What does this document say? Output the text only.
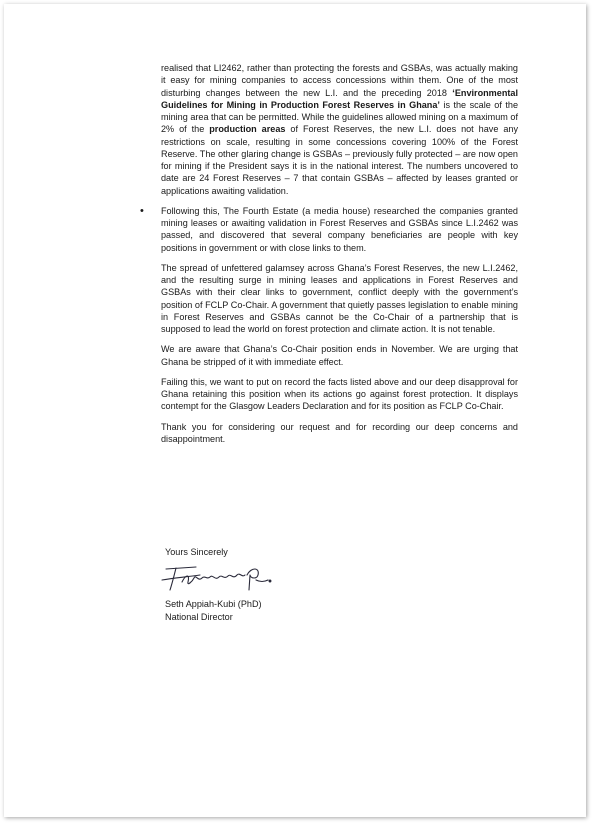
realised that LI2462, rather than protecting the forests and GSBAs, was actually making it easy for mining companies to access concessions within them. One of the most disturbing changes between the new L.I. and the preceding 2018 ‘Environmental Guidelines for Mining in Production Forest Reserves in Ghana’ is the scale of the mining area that can be permitted. While the guidelines allowed mining on a maximum of 2% of the production areas of Forest Reserves, the new L.I. does not have any restrictions on scale, resulting in some concessions covering 100% of the Forest Reserve. The other glaring change is GSBAs – previously fully protected – are now open for mining if the President says it is in the national interest. The numbers uncovered to date are 24 Forest Reserves – 7 that contain GSBAs – affected by leases granted or applications awaiting validation.

• Following this, The Fourth Estate (a media house) researched the companies granted mining leases or awaiting validation in Forest Reserves and GSBAs since L.I.2462 was passed, and discovered that several company beneficiaries are people with key positions in government or with close links to them.

The spread of unfettered galamsey across Ghana’s Forest Reserves, the new L.I.2462, and the resulting surge in mining leases and applications in Forest Reserves and GSBAs with their clear links to government, conflict deeply with the government’s position of FCLP Co-Chair. A government that quietly passes legislation to enable mining in Forest Reserves and GSBAs cannot be the Co-Chair of a partnership that is supposed to lead the world on forest protection and climate action. It is not tenable.

We are aware that Ghana’s Co-Chair position ends in November. We are urging that Ghana be stripped of it with immediate effect.

Failing this, we want to put on record the facts listed above and our deep disapproval for Ghana retaining this position when its actions go against forest protection. It displays contempt for the Glasgow Leaders Declaration and for its position as FCLP Co-Chair.

Thank you for considering our request and for recording our deep concerns and disappointment.

Yours Sincerely
Seth Appiah-Kubi (PhD)
National Director
